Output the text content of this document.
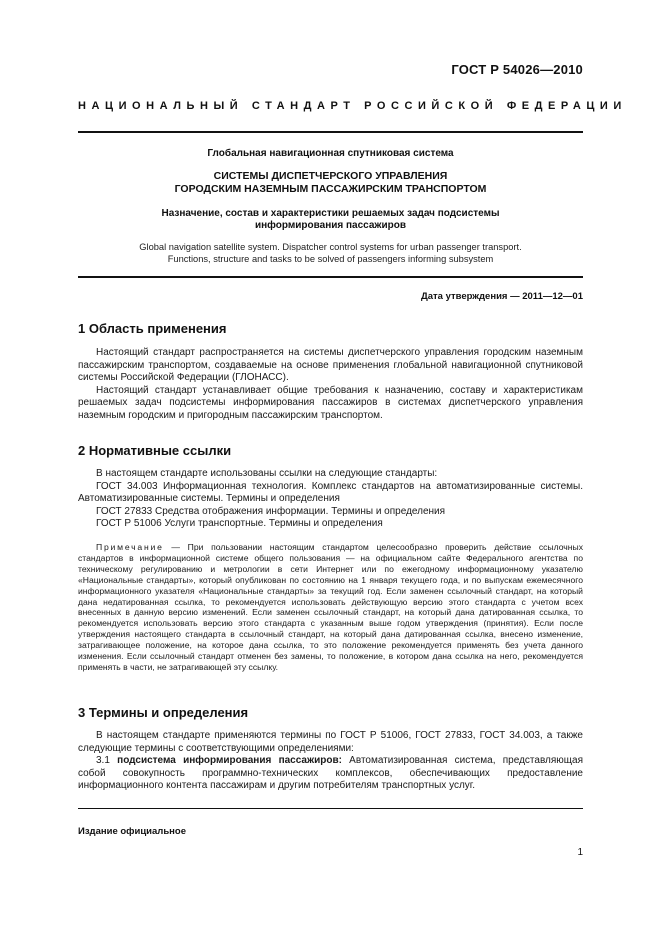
ГОСТ Р 54026—2010
НАЦИОНАЛЬНЫЙ СТАНДАРТ РОССИЙСКОЙ ФЕДЕРАЦИИ
Глобальная навигационная спутниковая система
СИСТЕМЫ ДИСПЕТЧЕРСКОГО УПРАВЛЕНИЯ
ГОРОДСКИМ НАЗЕМНЫМ ПАССАЖИРСКИМ ТРАНСПОРТОМ
Назначение, состав и характеристики решаемых задач подсистемы
информирования пассажиров
Global navigation satellite system. Dispatcher control systems for urban passenger transport.
Functions, structure and tasks to be solved of passengers informing subsystem
Дата утверждения — 2011—12—01
1 Область применения

Настоящий стандарт распространяется на системы диспетчерского управления городским наземным пассажирским транспортом, создаваемые на основе применения глобальной навигационной спутниковой системы Российской Федерации (ГЛОНАСС).

Настоящий стандарт устанавливает общие требования к назначению, составу и характеристикам решаемых задач подсистемы информирования пассажиров в системах диспетчерского управления наземным городским и пригородным пассажирским транспортом.

2 Нормативные ссылки

В настоящем стандарте использованы ссылки на следующие стандарты:

ГОСТ 34.003 Информационная технология. Комплекс стандартов на автоматизированные системы. Автоматизированные системы. Термины и определения

ГОСТ 27833 Средства отображения информации. Термины и определения

ГОСТ Р 51006 Услуги транспортные. Термины и определения

Примечание — При пользовании настоящим стандартом целесообразно проверить действие ссылочных стандартов в информационной системе общего пользования — на официальном сайте Федерального агентства по техническому регулированию и метрологии в сети Интернет или по ежегодному информационному указателю «Национальные стандарты», который опубликован по состоянию на 1 января текущего года, и по выпускам ежемесячного информационного указателя «Национальные стандарты» за текущий год. Если заменен ссылочный стандарт, на который дана недатированная ссылка, то рекомендуется использовать действующую версию этого стандарта с учетом всех внесенных в данную версию изменений. Если заменен ссылочный стандарт, на который дана датированная ссылка, то рекомендуется использовать версию этого стандарта с указанным выше годом утверждения (принятия). Если после утверждения настоящего стандарта в ссылочный стандарт, на который дана датированная ссылка, внесено изменение, затрагивающее положение, на которое дана ссылка, то это положение рекомендуется применять без учета данного изменения. Если ссылочный стандарт отменен без замены, то положение, в котором дана ссылка на него, рекомендуется применять в части, не затрагивающей эту ссылку.

3 Термины и определения

В настоящем стандарте применяются термины по ГОСТ Р 51006, ГОСТ 27833, ГОСТ 34.003, а также следующие термины с соответствующими определениями:

3.1 подсистема информирования пассажиров: Автоматизированная система, представляющая собой совокупность программно-технических комплексов, обеспечивающих предоставление информационного контента пассажирам и другим потребителям транспортных услуг.

Издание официальное
1
